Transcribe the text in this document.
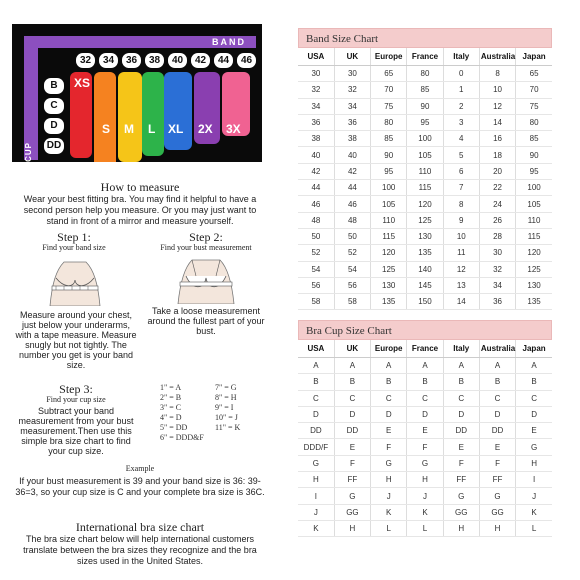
BAND
32	34	36	38	40	42	44	46
CUP
B
C
D
DD
XS
S M L XL 2X 3X
How to measure
Wear your best fitting bra. You may find it helpful to have a second person help you measure. Or you may just want to stand in front of a mirror and measure yourself.
Step 1:
Find your band size
Measure around your chest, just below your underarms, with a tape measure. Measure snugly but not tightly. The number you get is your band size.
Step 2:
Find your bust measurement
Take a loose measurement around the fullest part of your bust.
Step 3:
Find your cup size
Subtract your band measurement from your bust measurement.Then use this simple bra size chart to find your cup size.
1" = A	7" = G
2" = B	8" = H
3" = C	9" = I
4" = D	10" = J
5" = DD	11" = K
6" = DDD&F	
Example
If your bust measurement is 39 and your band size is 36: 39-36=3, so your cup size is C and your complete bra size is 36C.
International bra size chart
The bra size chart below will help international customers translate between the bra sizes they recognize and the bra sizes used in the United States.
Band Size Chart
USA	UK	Europe	France	Italy	Australia	Japan
30	30	65	80	0	8	65
32	32	70	85	1	10	70
34	34	75	90	2	12	75
36	36	80	95	3	14	80
38	38	85	100	4	16	85
40	40	90	105	5	18	90
42	42	95	110	6	20	95
44	44	100	115	7	22	100
46	46	105	120	8	24	105
48	48	110	125	9	26	110
50	50	115	130	10	28	115
52	52	120	135	11	30	120
54	54	125	140	12	32	125
56	56	130	145	13	34	130
58	58	135	150	14	36	135
Bra Cup Size Chart
USA	UK	Europe	France	Italy	Australia	Japan
A	A	A	A	A	A	A
B	B	B	B	B	B	B
C	C	C	C	C	C	C
D	D	D	D	D	D	D
DD	DD	E	E	DD	DD	E
DDD/F	E	F	F	E	E	G
G	F	G	G	F	F	H
H	FF	H	H	FF	FF	I
I	G	J	J	G	G	J
J	GG	K	K	GG	GG	K
K	H	L	L	H	H	L
